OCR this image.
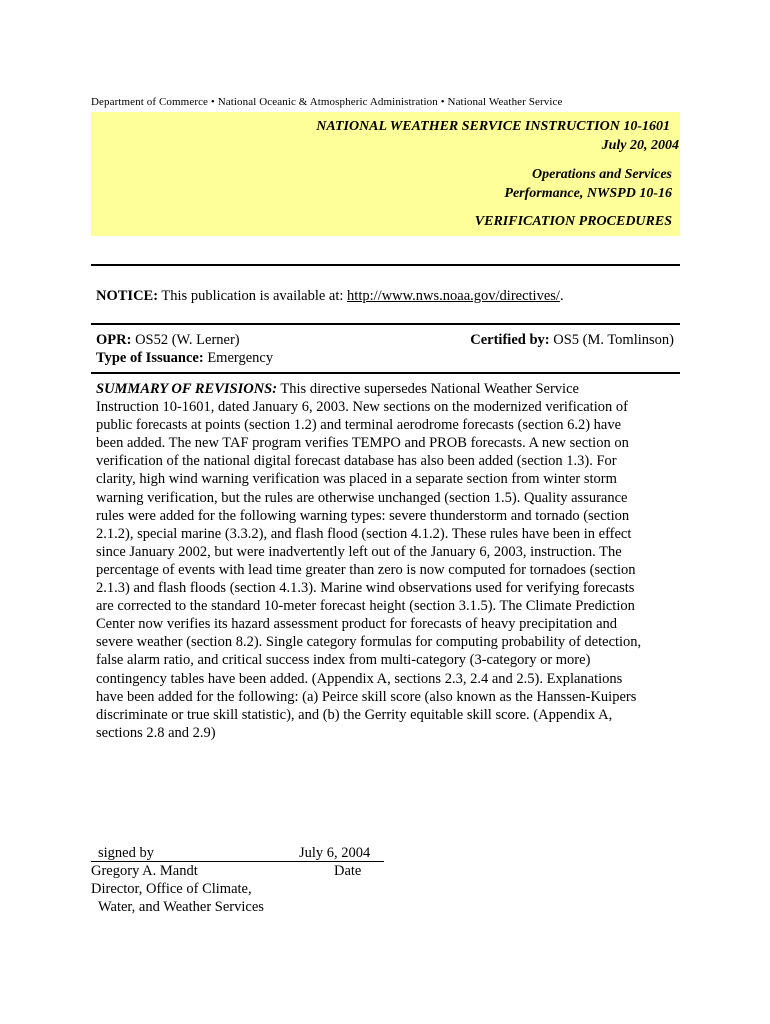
Department of Commerce • National Oceanic & Atmospheric Administration • National Weather Service
NATIONAL WEATHER SERVICE INSTRUCTION 10-1601
July 20, 2004
Operations and Services
Performance, NWSPD 10-16
VERIFICATION PROCEDURES
NOTICE: This publication is available at: http://www.nws.noaa.gov/directives/.
OPR: OS52 (W. Lerner)	Certified by: OS5 (M. Tomlinson)
Type of Issuance: Emergency
SUMMARY OF REVISIONS: This directive supersedes National Weather Service
Instruction 10-1601, dated January 6, 2003. New sections on the modernized verification of
public forecasts at points (section 1.2) and terminal aerodrome forecasts (section 6.2) have
been added. The new TAF program verifies TEMPO and PROB forecasts. A new section on
verification of the national digital forecast database has also been added (section 1.3). For
clarity, high wind warning verification was placed in a separate section from winter storm
warning verification, but the rules are otherwise unchanged (section 1.5). Quality assurance
rules were added for the following warning types: severe thunderstorm and tornado (section
2.1.2), special marine (3.3.2), and flash flood (section 4.1.2). These rules have been in effect
since January 2002, but were inadvertently left out of the January 6, 2003, instruction. The
percentage of events with lead time greater than zero is now computed for tornadoes (section
2.1.3) and flash floods (section 4.1.3). Marine wind observations used for verifying forecasts
are corrected to the standard 10-meter forecast height (section 3.1.5). The Climate Prediction
Center now verifies its hazard assessment product for forecasts of heavy precipitation and
severe weather (section 8.2). Single category formulas for computing probability of detection,
false alarm ratio, and critical success index from multi-category (3-category or more)
contingency tables have been added. (Appendix A, sections 2.3, 2.4 and 2.5). Explanations
have been added for the following: (a) Peirce skill score (also known as the Hanssen-Kuipers
discriminate or true skill statistic), and (b) the Gerrity equitable skill score. (Appendix A,
sections 2.8 and 2.9)
signed by	July 6, 2004
Gregory A. Mandt	Date
Director, Office of Climate,
Water, and Weather Services
